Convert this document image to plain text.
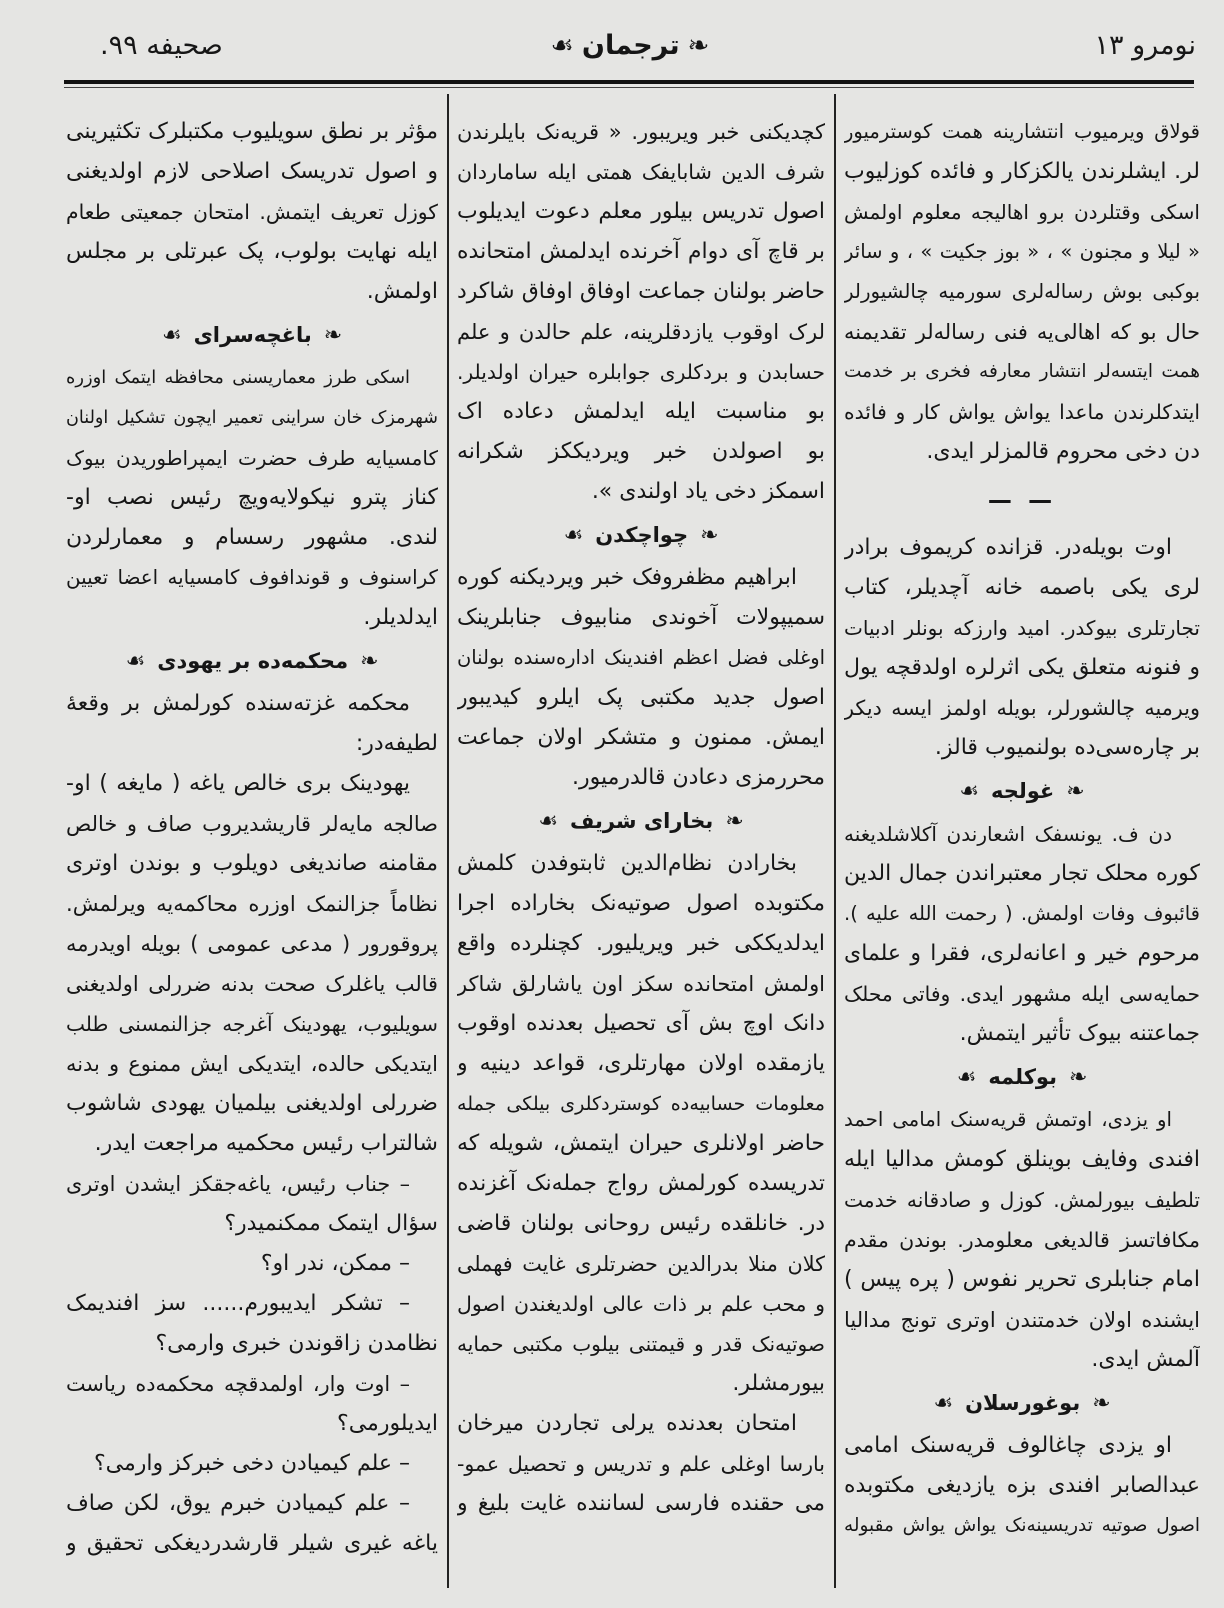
نومرو ۱۳
❧ترجمان☙
صحیفه ۹۹.
قولاق ویرمیوب انتشارینه همت کوسترمیور
لر. ایشلرندن یالکزکار و فائده کوزلیوب
اسکی وقتلردن برو اهالیجه معلوم اولمش
« لیلا و مجنون » ، « بوز جکیت » ، و سائر
بوکبی بوش رساله‌لری سورمیه چالشیورلر
حال بو که اهالی‌یه فنی رساله‌لر تقدیمنه
همت ایتسه‌لر انتشار معارفه فخری بر خدمت
ایتدکلرندن ماعدا یواش یواش کار و فائده
دن دخی محروم قالمزلر ایدی.
— —
اوت بویله‌در. قزانده کریموف برادر
لری یکی باصمه خانه آچدیلر، کتاب
تجارتلری بیوکدر. امید وارزکه بونلر ادبیات
و فنونه متعلق یکی اثرلره اولدقچه یول
ویرمیه چالشورلر، بویله اولمز ایسه دیکر
بر چاره‌سی‌ده بولنمیوب قالز.
❧غولجه☙
دن ف. یونسفک اشعارندن آکلاشلدیغنه
کوره محلک تجار معتبراندن جمال الدین
قائبوف وفات اولمش. ( رحمت الله علیه ).
مرحوم خیر و اعانه‌لری، فقرا و علمای
حمایه‌سی ایله مشهور ایدی. وفاتی محلک
جماعتنه بیوک تأثیر ایتمش.
❧بوکلمه☙
او یزدی، اوتمش قریه‌سنک امامی احمد
افندی وفایف بوینلق کومش مدالیا ایله
تلطیف بیورلمش. کوزل و صادقانه خدمت
مکافاتسز قالدیغی معلومدر. بوندن مقدم
امام جنابلری تحریر نفوس ( پره پیس )
ایشنده اولان خدمتندن اوتری تونج مدالیا
آلمش ایدی.
❧بوغورسلان☙
او یزدی چاغالوف قریه‌سنک امامی
عبدالصابر افندی بزه یازدیغی مکتوبده
اصول صوتیه تدریسینه‌نک یواش یواش مقبوله
کچدیکنی خبر ویریبور. « قریه‌نک بایلرندن
شرف الدین شابایفک همتی ایله ساماردان
اصول تدریس بیلور معلم دعوت ایدیلوب
بر قاچ آی دوام آخرنده ایدلمش امتحانده
حاضر بولنان جماعت اوفاق اوفاق شاکرد
لرک اوقوب یازدقلرینه، علم حالدن و علم
حسابدن و بردکلری جوابلره حیران اولدیلر.
بو مناسبت ایله ایدلمش دعاده اک
بو اصولدن خبر ویردیککز شکرانه
اسمکز دخی یاد اولندی ».
❧چواچکدن☙
ابراهیم مظفروفک خبر ویردیکنه کوره
سمیپولات آخوندی منابیوف جنابلرینک
اوغلی فضل اعظم افندینک اداره‌سنده بولنان
اصول جدید مکتبی پک ایلرو کیدیبور
ایمش. ممنون و متشکر اولان جماعت
محررمزی دعادن قالدرمیور.
❧بخارای شریف☙
بخارادن نظام‌الدین ثابتوفدن کلمش
مکتوبده اصول صوتیه‌نک بخاراده اجرا
ایدلدیککی خبر ویریلیور. کچنلرده واقع
اولمش امتحانده سکز اون یاشارلق شاکر
دانک اوچ بش آی تحصیل بعدنده اوقوب
یازمقده اولان مهارتلری، قواعد دینیه و
معلومات حسابیه‌ده کوستردکلری بیلکی جمله
حاضر اولانلری حیران ایتمش، شویله که
تدریسده کورلمش رواج جمله‌نک آغزنده
در. خانلقده رئیس روحانی بولنان قاضی
کلان منلا بدرالدین حضرتلری غایت فهملی
و محب علم بر ذات عالی اولدیغندن اصول
صوتیه‌نک قدر و قیمتنی بیلوب مکتبی حمایه
بیورمشلر.
امتحان بعدنده یرلی تجاردن میرخان
بارسا اوغلی علم و تدریس و تحصیل عمو-
می حقنده فارسی لساننده غایت بلیغ و
مؤثر بر نطق سویلیوب مکتبلرک تکثیرینی
و اصول تدریسک اصلاحی لازم اولدیغنی
کوزل تعریف ایتمش. امتحان جمعیتی طعام
ایله نهایت بولوب، پک عبرتلی بر مجلس
اولمش.
❧باغچه‌سرای☙
اسکی طرز معماریسنی محافظه ایتمک اوزره
شهرمزک خان سراینی تعمیر ایچون تشکیل اولنان
کامسیایه طرف حضرت ایمپراطوریدن بیوک
کناز پترو نیکولایه‌ویچ رئیس نصب او-
لندی. مشهور رسسام و معمارلردن
کراسنوف و قوندافوف کامسیایه اعضا تعیین
ایدلدیلر.
❧محکمه‌ده بر یهودی☙
محکمه غزته‌سنده کورلمش بر وقعهٔ
لطیفه‌در:
یهودینک بری خالص یاغه ( مایغه ) او-
صالجه مایه‌لر قاریشدیروب صاف و خالص
مقامنه صاندیغی دویلوب و بوندن اوتری
نظاماً جزالنمک اوزره محاکمه‌یه ویرلمش.
پروقورور ( مدعی عمومی ) بویله اویدرمه
قالب یاغلرک صحت بدنه ضررلی اولدیغنی
سویلیوب، یهودینک آغرجه جزالنمسنی طلب
ایتدیکی حالده، ایتدیکی ایش ممنوع و بدنه
ضررلی اولدیغنی بیلمیان یهودی شاشوب
شالتراب رئیس محکمیه مراجعت ایدر.
– جناب رئیس، یاغه‌جقکز ایشدن اوتری
سؤال ایتمک ممکنمیدر؟
– ممکن، ندر او؟
– تشکر ایدیبورم...... سز افندیمک
نظامدن زاقوندن خبری وارمی؟
– اوت وار، اولمدقچه محکمه‌ده ریاست
ایدیلورمی؟
– علم کیمیادن دخی خبرکز وارمی؟
– علم کیمیادن خبرم یوق، لکن صاف
یاغه غیری شیلر قارشدردیغکی تحقیق و
